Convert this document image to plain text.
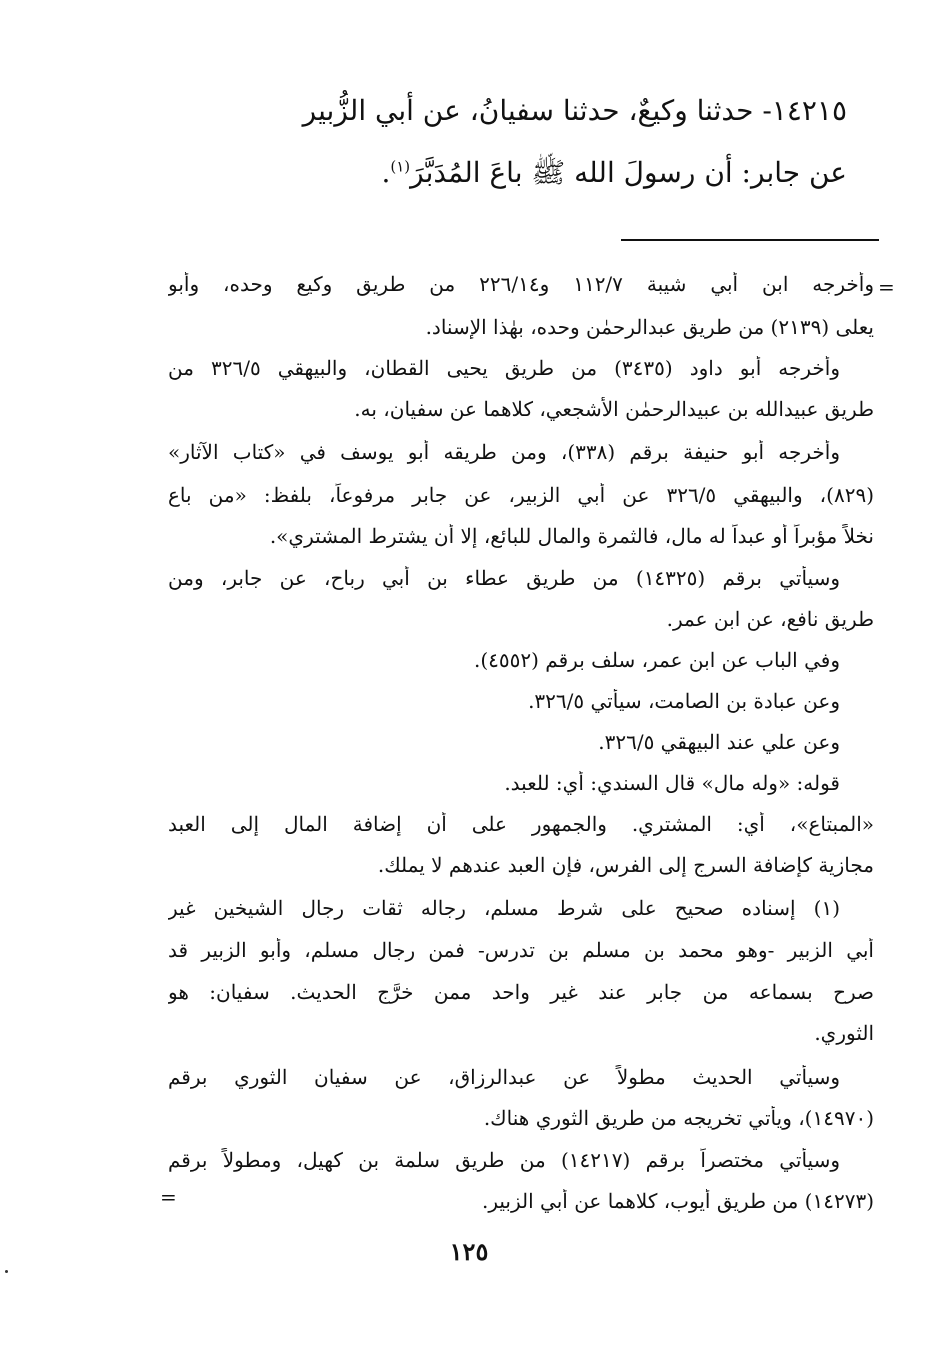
١٤٢١٥- حدثنا وكيعٌ، حدثنا سفيانُ، عن أبي الزُّبير
عن جابر: أن رسولَ الله ﷺ باعَ المُدَبَّرَ$^{(١)}$.
=
وأخرجه ابن أبي شيبة ١١٢/٧ و٢٢٦/١٤ من طريق وكيع وحده، وأبو
يعلى (٢١٣٩) من طريق عبدالرحمٰن وحده، بهٰذا الإسناد.
وأخرجه أبو داود (٣٤٣٥) من طريق يحيى القطان، والبيهقي ٣٢٦/٥ من
طريق عبيدالله بن عبيدالرحمٰن الأشجعي، كلاهما عن سفيان، به.
وأخرجه أبو حنيفة برقم (٣٣٨)، ومن طريقه أبو يوسف في «كتاب الآثار»
(٨٢٩)، والبيهقي ٣٢٦/٥ عن أبي الزبير، عن جابر مرفوعاً، بلفظ: «من باع
نخلاً مؤبراً أو عبداً له مال، فالثمرة والمال للبائع، إلا أن يشترط المشتري».
وسيأتي برقم (١٤٣٢٥) من طريق عطاء بن أبي رباح، عن جابر، ومن
طريق نافع، عن ابن عمر.
وفي الباب عن ابن عمر، سلف برقم (٤٥٥٢).
وعن عبادة بن الصامت، سيأتي ٣٢٦/٥.
وعن علي عند البيهقي ٣٢٦/٥.
قوله: «وله مال» قال السندي: أي: للعبد.
«المبتاع»، أي: المشتري. والجمهور على أن إضافة المال إلى العبد
مجازية كإضافة السرج إلى الفرس، فإن العبد عندهم لا يملك.
(١) إسناده صحيح على شرط مسلم، رجاله ثقات رجال الشيخين غير
أبي الزبير -وهو محمد بن مسلم بن تدرس- فمن رجال مسلم، وأبو الزبير قد
صرح بسماعه من جابر عند غير واحد ممن خرَّج الحديث. سفيان: هو
الثوري.
وسيأتي الحديث مطولاً عن عبدالرزاق، عن سفيان الثوري برقم
(١٤٩٧٠)، ويأتي تخريجه من طريق الثوري هناك.
وسيأتي مختصراً برقم (١٤٢١٧) من طريق سلمة بن كهيل، ومطولاً برقم
(١٤٢٧٣) من طريق أيوب، كلاهما عن أبي الزبير.
=
١٢٥
